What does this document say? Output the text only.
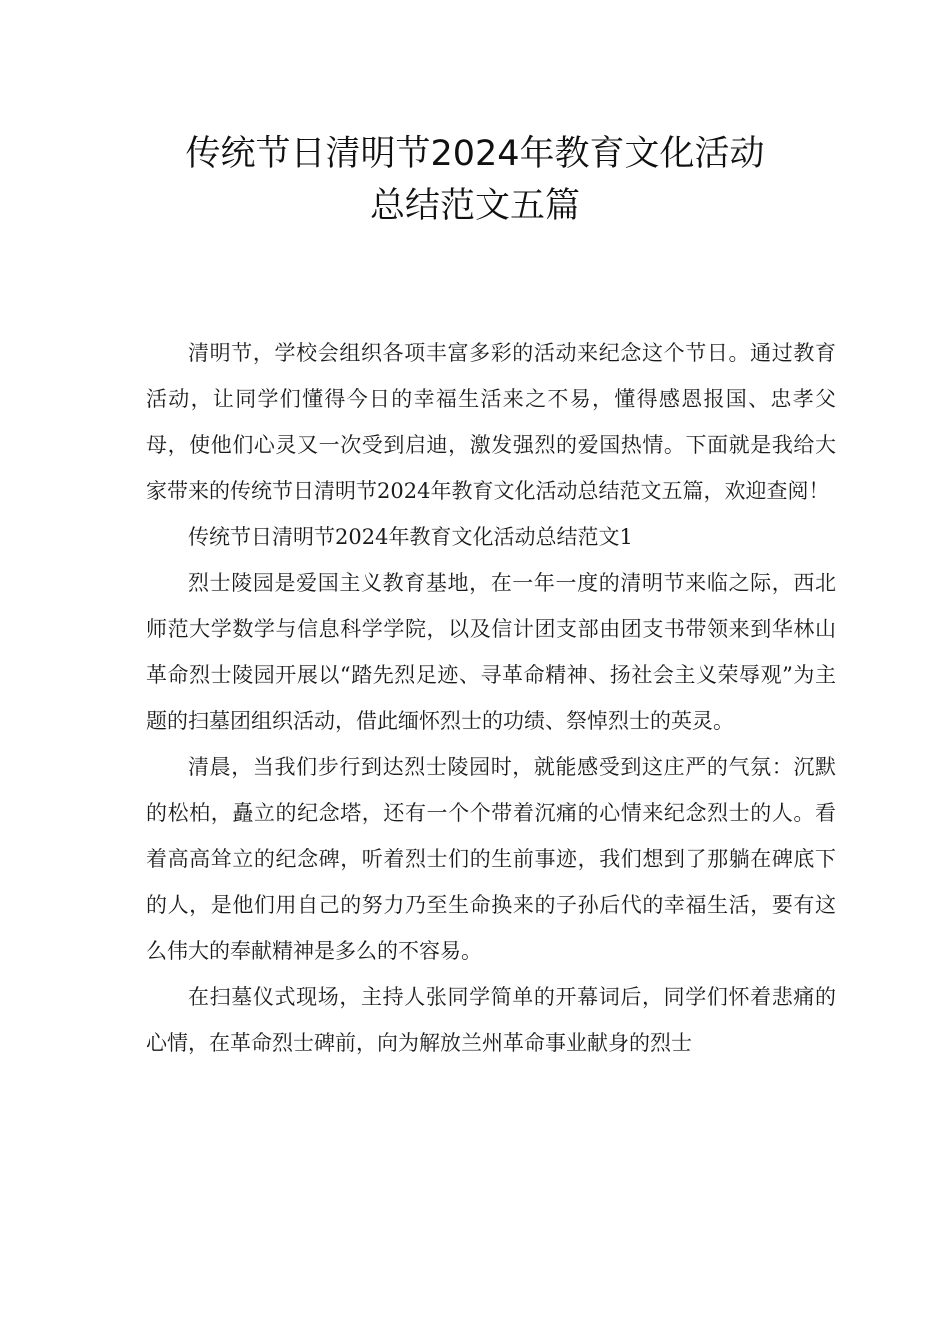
传统节日清明节2024年教育文化活动
总结范文五篇

清明节，学校会组织各项丰富多彩的活动来纪念这个节日。通过教育活动，让同学们懂得今日的幸福生活来之不易，懂得感恩报国、忠孝父母，使他们心灵又一次受到启迪，激发强烈的爱国热情。下面就是我给大家带来的传统节日清明节2024年教育文化活动总结范文五篇，欢迎查阅！

传统节日清明节2024年教育文化活动总结范文1

烈士陵园是爱国主义教育基地，在一年一度的清明节来临之际，西北师范大学数学与信息科学学院，以及信计团支部由团支书带领来到华林山革命烈士陵园开展以“踏先烈足迹、寻革命精神、扬社会主义荣辱观”为主题的扫墓团组织活动，借此缅怀烈士的功绩、祭悼烈士的英灵。

清晨，当我们步行到达烈士陵园时，就能感受到这庄严的气氛：沉默的松柏，矗立的纪念塔，还有一个个带着沉痛的心情来纪念烈士的人。看着高高耸立的纪念碑，听着烈士们的生前事迹，我们想到了那躺在碑底下的人，是他们用自己的努力乃至生命换来的子孙后代的幸福生活，要有这么伟大的奉献精神是多么的不容易。

在扫墓仪式现场，主持人张同学简单的开幕词后，同学们怀着悲痛的心情，在革命烈士碑前，向为解放兰州革命事业献身的烈士
